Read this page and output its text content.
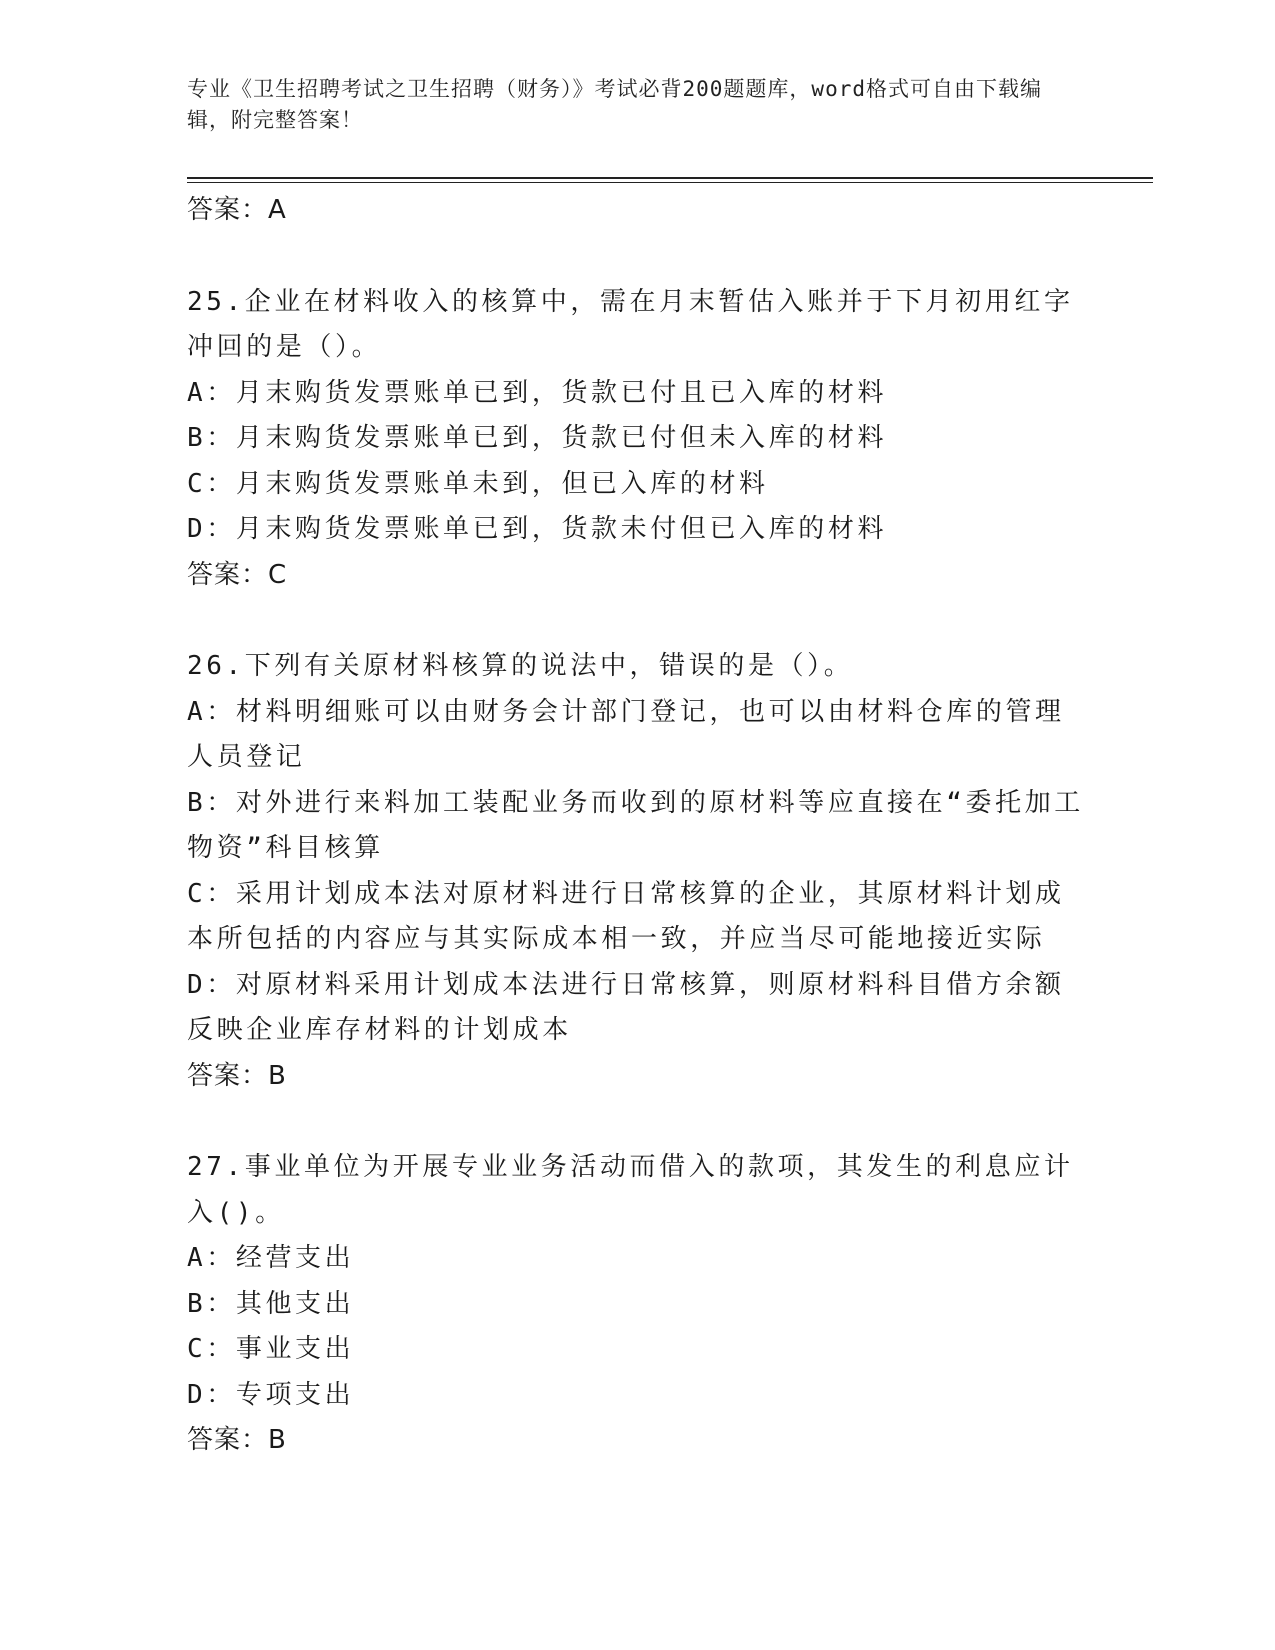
专业《卫生招聘考试之卫生招聘（财务）》考试必背200题题库，word格式可自由下载编辑，附完整答案！
答案：A
25.企业在材料收入的核算中，需在月末暂估入账并于下月初用红字冲回的是（）。
A：月末购货发票账单已到，货款已付且已入库的材料
B：月末购货发票账单已到，货款已付但未入库的材料
C：月末购货发票账单未到，但已入库的材料
D：月末购货发票账单已到，货款未付但已入库的材料
答案：C
26.下列有关原材料核算的说法中，错误的是（）。
A：材料明细账可以由财务会计部门登记，也可以由材料仓库的管理人员登记
B：对外进行来料加工装配业务而收到的原材料等应直接在“委托加工物资”科目核算
C：采用计划成本法对原材料进行日常核算的企业，其原材料计划成本所包括的内容应与其实际成本相一致，并应当尽可能地接近实际
D：对原材料采用计划成本法进行日常核算，则原材料科目借方余额反映企业库存材料的计划成本
答案：B
27.事业单位为开展专业业务活动而借入的款项，其发生的利息应计入()。
A：经营支出
B：其他支出
C：事业支出
D：专项支出
答案：B
